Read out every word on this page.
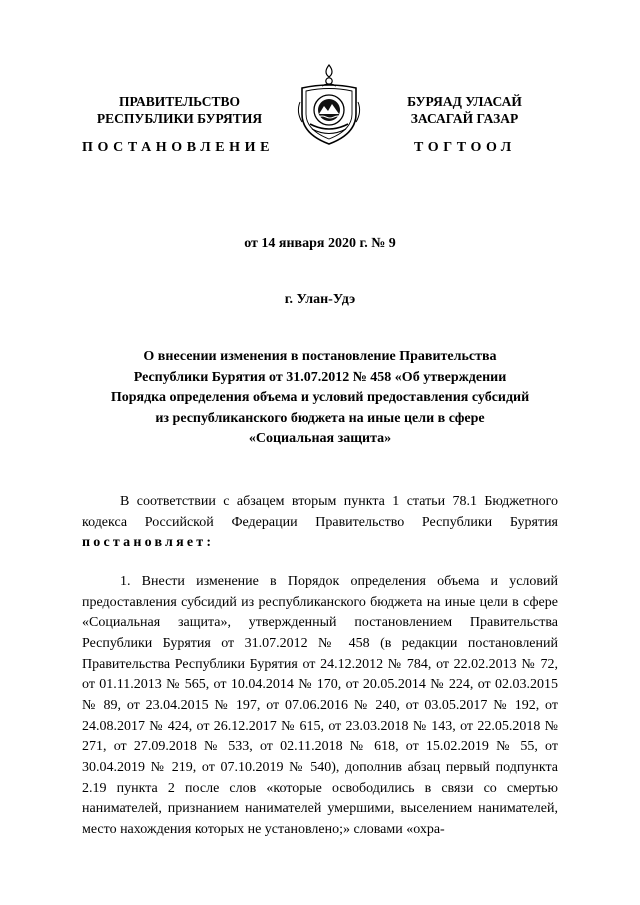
ПРАВИТЕЛЬСТВО
РЕСПУБЛИКИ БУРЯТИЯ
БУРЯАД УЛАСАЙ
ЗАСАГАЙ ГАЗАР
ПОСТАНОВЛЕНИЕ	ТОГТООЛ
от 14 января 2020 г. № 9
г. Улан-Удэ
О внесении изменения в постановление Правительства
Республики Бурятия от 31.07.2012 № 458 «Об утверждении
Порядка определения объема и условий предоставления субсидий
из республиканского бюджета на иные цели в сфере
«Социальная защита»

В соответствии с абзацем вторым пункта 1 статьи 78.1 Бюджетного кодекса Российской Федерации Правительство Республики Бурятия постановляет:

1. Внести изменение в Порядок определения объема и условий предоставления субсидий из республиканского бюджета на иные цели в сфере «Социальная защита», утвержденный постановлением Правительства Республики Бурятия от 31.07.2012 № 458 (в редакции постановлений Правительства Республики Бурятия от 24.12.2012 № 784, от 22.02.2013 № 72, от 01.11.2013 № 565, от 10.04.2014 № 170, от 20.05.2014 № 224, от 02.03.2015 № 89, от 23.04.2015 № 197, от 07.06.2016 № 240, от 03.05.2017 № 192, от 24.08.2017 № 424, от 26.12.2017 № 615, от 23.03.2018 № 143, от 22.05.2018 № 271, от 27.09.2018 № 533, от 02.11.2018 № 618, от 15.02.2019 № 55, от 30.04.2019 № 219, от 07.10.2019 № 540), дополнив абзац первый подпункта 2.19 пункта 2 после слов «которые освободились в связи со смертью нанимателей, признанием нанимателей умершими, выселением нанимателей, место нахождения которых не установлено;» словами «охра-
